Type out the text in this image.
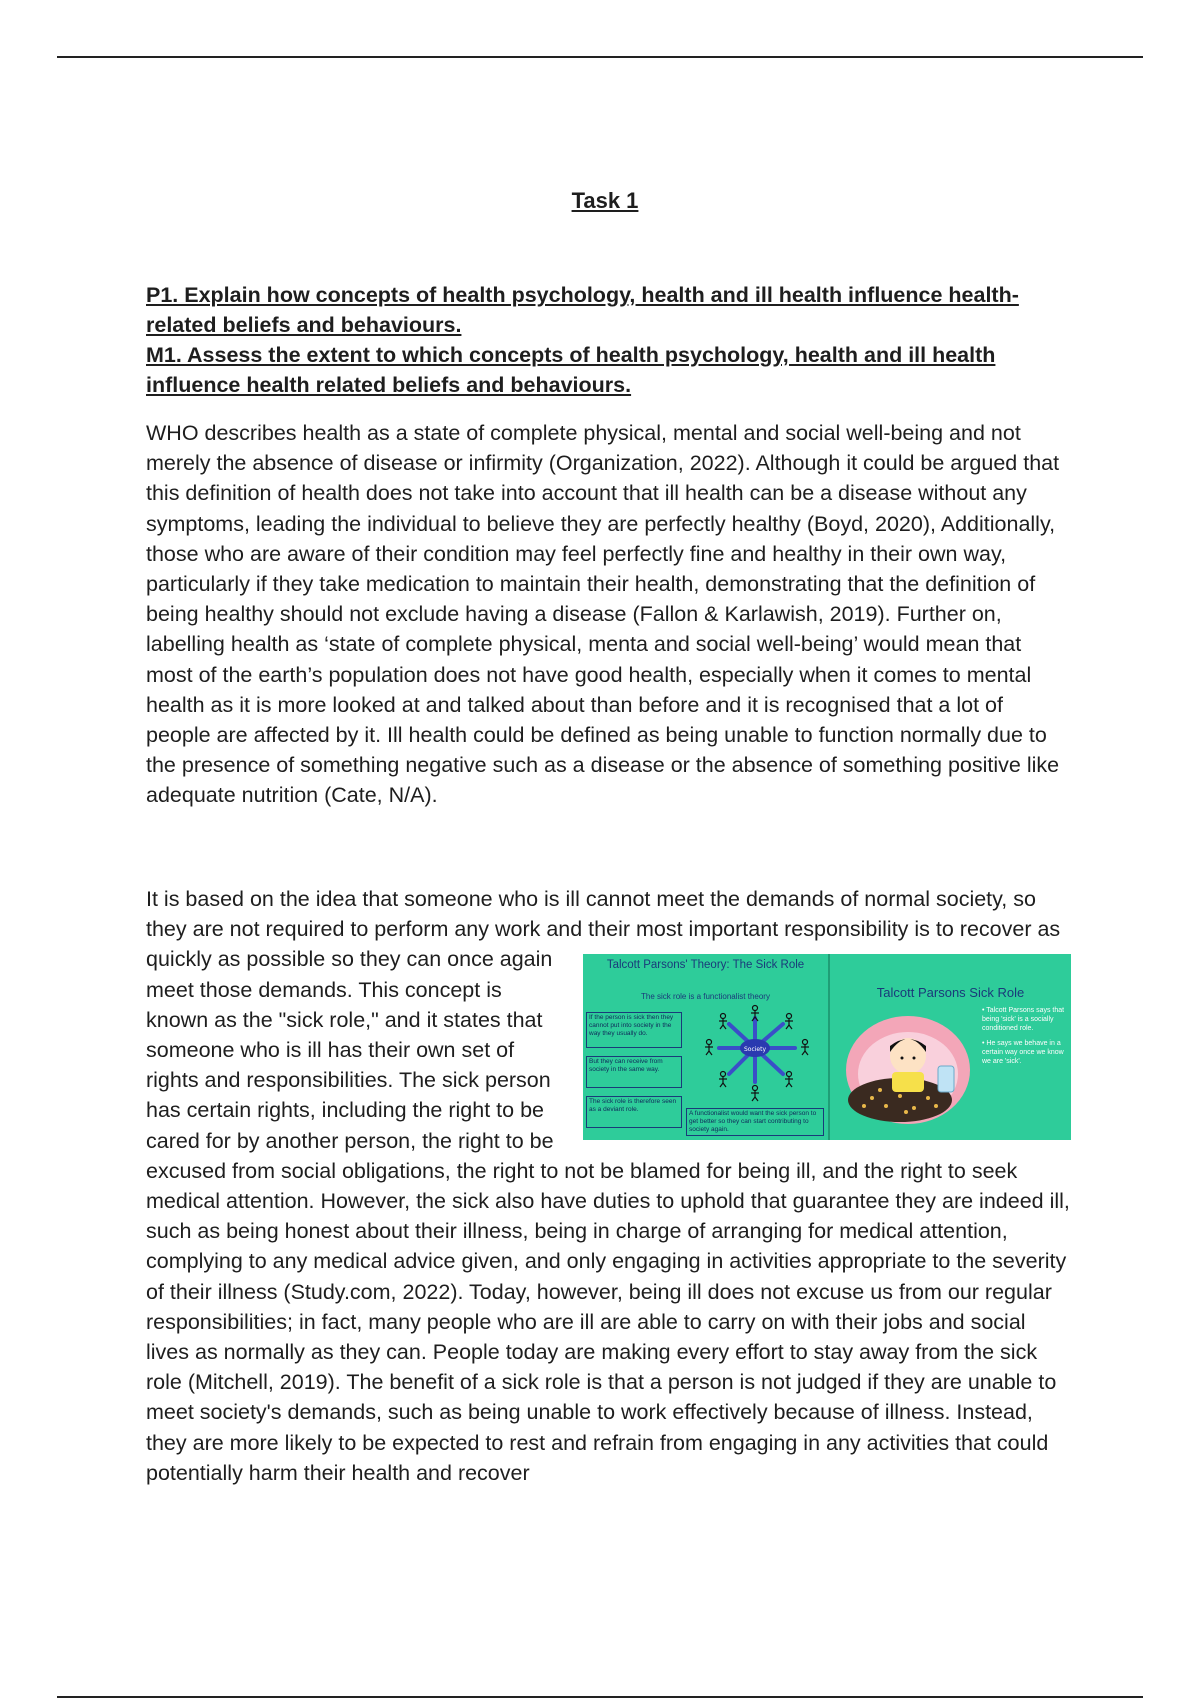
Task 1

P1. Explain how concepts of health psychology, health and ill health influence health-related beliefs and behaviours.

M1. Assess the extent to which concepts of health psychology, health and ill health influence health related beliefs and behaviours.

WHO describes health as a state of complete physical, mental and social well-being and not merely the absence of disease or infirmity (Organization, 2022). Although it could be argued that this definition of health does not take into account that ill health can be a disease without any symptoms, leading the individual to believe they are perfectly healthy (Boyd, 2020), Additionally, those who are aware of their condition may feel perfectly fine and healthy in their own way, particularly if they take medication to maintain their health, demonstrating that the definition of being healthy should not exclude having a disease (Fallon & Karlawish, 2019). Further on, labelling health as ‘state of complete physical, menta and social well-being’ would mean that most of the earth’s population does not have good health, especially when it comes to mental health as it is more looked at and talked about than before and it is recognised that a lot of people are affected by it. Ill health could be defined as being unable to function normally due to the presence of something negative such as a disease or the absence of something positive like adequate nutrition (Cate, N/A).

It is based on the idea that someone who is ill cannot meet the demands of normal society, so they are not required to perform any work and their most important
Talcott Parsons' Theory: The Sick Role
The sick role is a functionalist theory
If the person is sick then they cannot put into society in the way they usually do.
But they can receive from society in the same way.
The sick role is therefore seen as a deviant role.
Society
A functionalist would want the sick person to get better so they can start contributing to society again.
Talcott Parsons Sick Role
• Talcott Parsons says that being 'sick' is a socially conditioned role.
• He says we behave in a certain way once we know we are 'sick'.
responsibility is to recover as quickly as possible so they can once again meet those demands. This concept is known as the "sick role," and it states that someone who is ill has their own set of rights and responsibilities. The sick person has certain rights, including the right to be cared for by another person, the right to be excused from social obligations, the right to not be blamed for being ill, and the right to seek medical attention. However, the sick also have duties to uphold that guarantee they are indeed ill, such as being honest about their illness, being in charge of arranging for medical attention, complying to any medical advice given, and only engaging in activities appropriate to the severity of their illness (Study.com, 2022). Today, however, being ill does not excuse us from our regular responsibilities; in fact, many people who are ill are able to carry on with their jobs and social lives as normally as they can. People today are making every effort to stay away from the sick role (Mitchell, 2019). The benefit of a sick role is that a person is not judged if they are unable to meet society's demands, such as being unable to work effectively because of illness. Instead, they are more likely to be expected to rest and refrain from engaging in any activities that could potentially harm their health and recover
